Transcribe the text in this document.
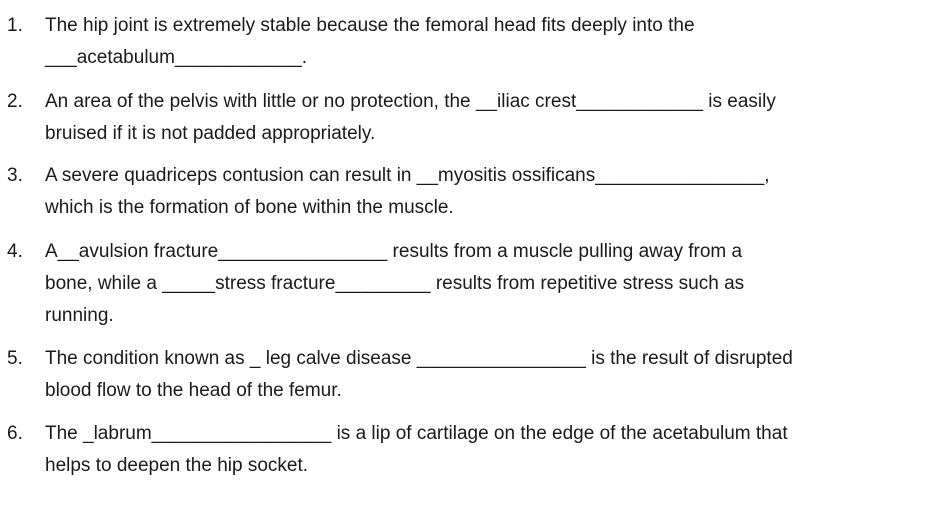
1.	The hip joint is extremely stable because the femoral head fits deeply into the
___acetabulum____________.
2.	An area of the pelvis with little or no protection, the __iliac crest____________ is easily
bruised if it is not padded appropriately.
3.	A severe quadriceps contusion can result in __myositis ossificans________________,
which is the formation of bone within the muscle.
4.	A__avulsion fracture________________ results from a muscle pulling away from a
bone, while a _____stress fracture_________ results from repetitive stress such as
running.
5.	The condition known as _ leg calve disease ________________ is the result of disrupted
blood flow to the head of the femur.
6.	The _labrum_________________ is a lip of cartilage on the edge of the acetabulum that
helps to deepen the hip socket.
